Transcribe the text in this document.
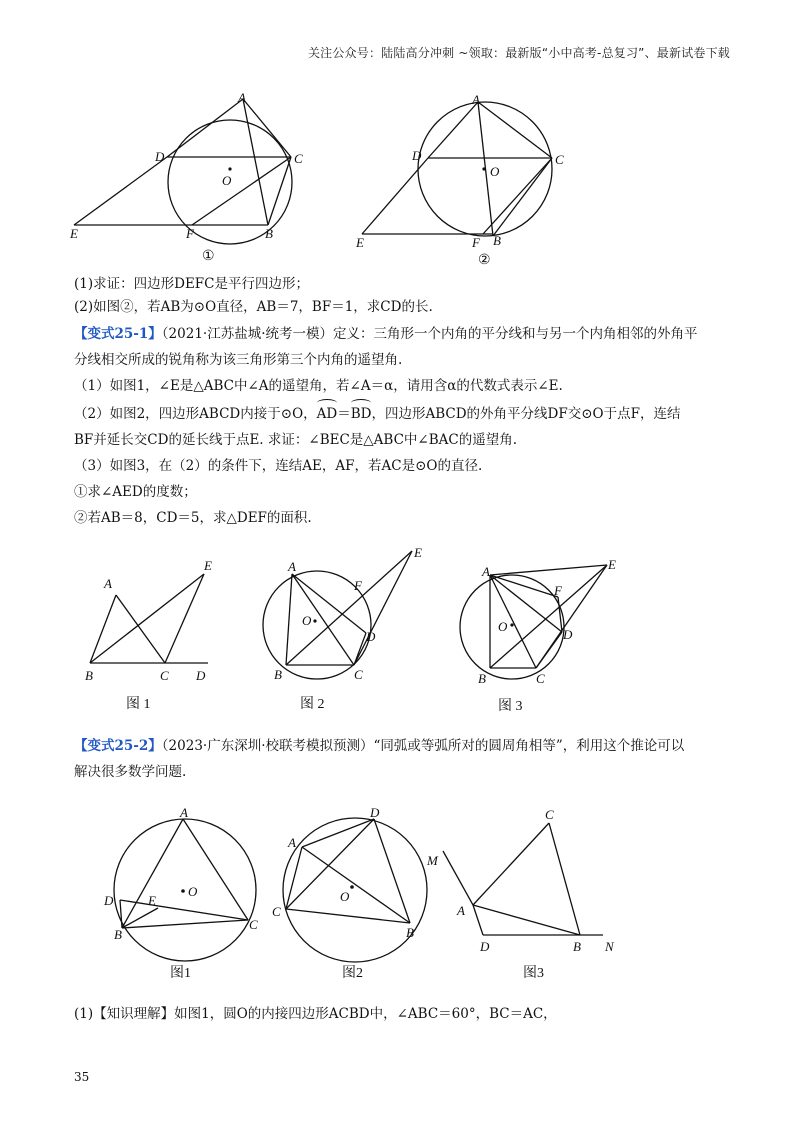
关注公众号：陆陆高分冲刺 ~领取：最新版“小中高考-总复习”、最新试卷下载
A
D	C
O
E	F	B
①
A
D	C
O
E	F B
②
(1)求证：四边形DEFC是平行四边形；
(2)如图②，若AB为⊙O直径，AB＝7，BF＝1，求CD的长.
【变式25-1】（2021·江苏盐城·统考一模）定义：三角形一个内角的平分线和与另一个内角相邻的外角平
分线相交所成的锐角称为该三角形第三个内角的遥望角.
（1）如图1，∠E是△ABC中∠A的遥望角，若∠A＝α，请用含α的代数式表示∠E.
（2）如图2，四边形ABCD内接于⊙O，AD＝BD，四边形ABCD的外角平分线DF交⊙O于点F，连结
BF并延长交CD的延长线于点E. 求证：∠BEC是△ABC中∠BAC的遥望角.
（3）如图3，在（2）的条件下，连结AE，AF，若AC是⊙O的直径.
①求∠AED的度数；
②若AB＝8，CD＝5，求△DEF的面积.
A
E
B	C D
图 1
A
E
F
O
D
B	C
图 2
A	E
F
O
D
B	C
图 3
【变式25-2】（2023·广东深圳·校联考模拟预测）“同弧或等弧所对的圆周角相等”，利用这个推论可以
解决很多数学问题.
A
D	E
O
B
C
图1
A
D
O
C
B
图2
C
M
A
D	B N
图3
(1)【知识理解】如图1，圆O的内接四边形ACBD中，∠ABC＝60°，BC＝AC，
35
